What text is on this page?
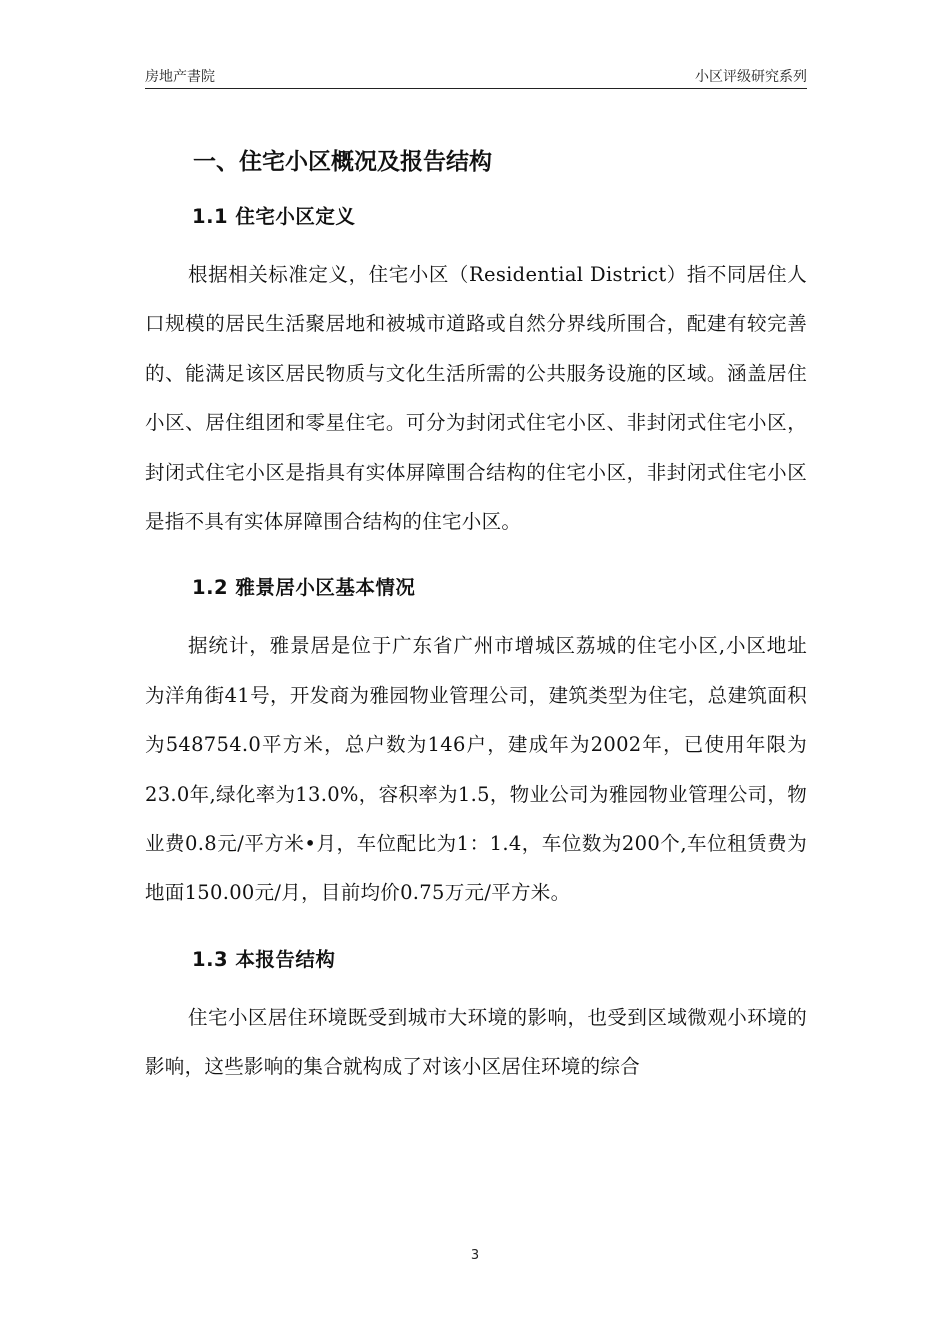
房地产書院	小区评级研究系列
一、住宅小区概况及报告结构
1.1 住宅小区定义

根据相关标准定义，住宅小区（Residential District）指不同居住人口规模的居民生活聚居地和被城市道路或自然分界线所围合，配建有较完善的、能满足该区居民物质与文化生活所需的公共服务设施的区域。涵盖居住小区、居住组团和零星住宅。可分为封闭式住宅小区、非封闭式住宅小区，封闭式住宅小区是指具有实体屏障围合结构的住宅小区，非封闭式住宅小区是指不具有实体屏障围合结构的住宅小区。

1.2 雅景居小区基本情况

据统计，雅景居是位于广东省广州市增城区荔城的住宅小区,小区地址为洋角街41号，开发商为雅园物业管理公司，建筑类型为住宅，总建筑面积为548754.0平方米，总户数为146户，建成年为2002年，已使用年限为23.0年,绿化率为13.0%，容积率为1.5，物业公司为雅园物业管理公司，物业费0.8元/平方米•月，车位配比为1：1.4，车位数为200个,车位租赁费为地面150.00元/月，目前均价0.75万元/平方米。

1.3 本报告结构

住宅小区居住环境既受到城市大环境的影响，也受到区域微观小环境的影响，这些影响的集合就构成了对该小区居住环境的综合

3
